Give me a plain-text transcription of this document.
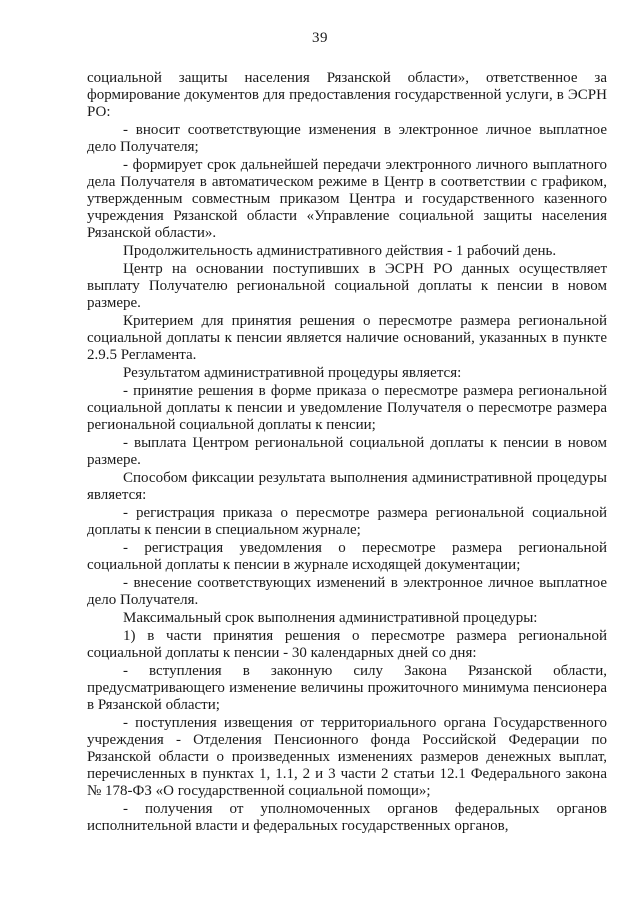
39

социальной защиты населения Рязанской области», ответственное за формирование документов для предоставления государственной услуги, в ЭСРН РО:

- вносит соответствующие изменения в электронное личное выплатное дело Получателя;

- формирует срок дальнейшей передачи электронного личного выплатного дела Получателя в автоматическом режиме в Центр в соответствии с графиком, утвержденным совместным приказом Центра и государственного казенного учреждения Рязанской области «Управление социальной защиты населения Рязанской области».

Продолжительность административного действия - 1 рабочий день.

Центр на основании поступивших в ЭСРН РО данных осуществляет выплату Получателю региональной социальной доплаты к пенсии в новом размере.

Критерием для принятия решения о пересмотре размера региональной социальной доплаты к пенсии является наличие оснований, указанных в пункте 2.9.5 Регламента.

Результатом административной процедуры является:

- принятие решения в форме приказа о пересмотре размера региональной социальной доплаты к пенсии и уведомление Получателя о пересмотре размера региональной социальной доплаты к пенсии;

- выплата Центром региональной социальной доплаты к пенсии в новом размере.

Способом фиксации результата выполнения административной процедуры является:

- регистрация приказа о пересмотре размера региональной социальной доплаты к пенсии в специальном журнале;

- регистрация уведомления о пересмотре размера региональной социальной доплаты к пенсии в журнале исходящей документации;

- внесение соответствующих изменений в электронное личное выплатное дело Получателя.

Максимальный срок выполнения административной процедуры:

1) в части принятия решения о пересмотре размера региональной социальной доплаты к пенсии - 30 календарных дней со дня:

- вступления в законную силу Закона Рязанской области, предусматривающего изменение величины прожиточного минимума пенсионера в Рязанской области;

- поступления извещения от территориального органа Государственного учреждения - Отделения Пенсионного фонда Российской Федерации по Рязанской области о произведенных изменениях размеров денежных выплат, перечисленных в пунктах 1, 1.1, 2 и 3 части 2 статьи 12.1 Федерального закона № 178-ФЗ «О государственной социальной помощи»;

- получения от уполномоченных органов федеральных органов исполнительной власти и федеральных государственных органов,
